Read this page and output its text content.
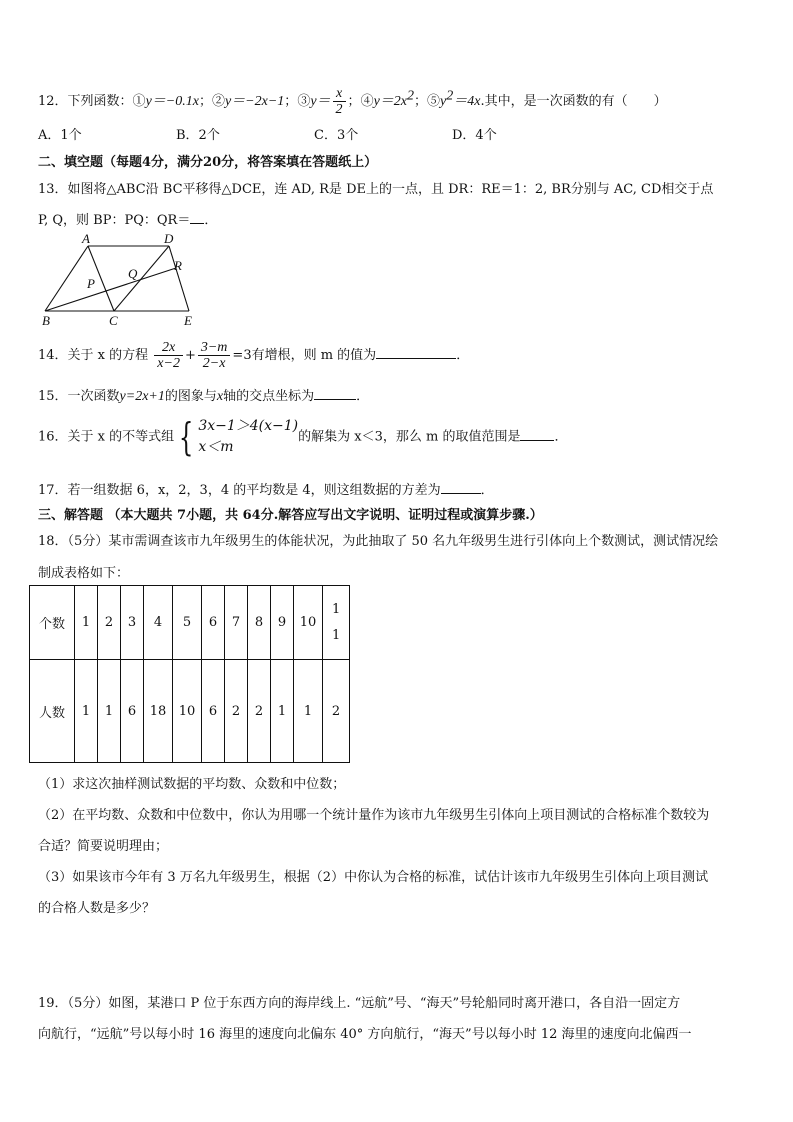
12．下列函数：①y＝−0.1x；②y＝−2x−1；③y＝ $\frac{x}{2}$ ；$④y=2x^2$；$⑤y^2=4x$.其中，是一次函数的有（　　）
A．1个	B．2个	C．3个	D．4个
二、填空题（每题4分，满分20分，将答案填在答题纸上）
13．如图将△ABC沿 BC平移得△DCE，连 AD, R是 DE上的一点，且 DR：RE＝1：2, BR分别与 AC, CD相交于点
P, Q，则 BP：PQ：QR＝ ．
A	D
R
P
Q
B	C	E
14．关于 x 的方程 $\frac{2x}{x-2} + \frac{3-m}{2-x} =3$有增根，则 m 的值为	．
15．一次函数y=2x+1的图象与x轴的交点坐标为	．
16．关于 x 的不等式组 { 3x−1＞4(x−1)
x＜m
的解集为 x＜3，那么 m 的取值范围是	．
17．若一组数据 6，x，2，3，4 的平均数是 4，则这组数据的方差为	．
三、解答题 （本大题共 7小题，共 64分.解答应写出文字说明、证明过程或演算步骤.）
18．（5分）某市需调查该市九年级男生的体能状况，为此抽取了 50 名九年级男生进行引体向上个数测试，测试情况绘
制成表格如下：
个数	1	2	3	4	5	6	7	8	9	10	11

人数	1	1	6	18	10	6	2	2	1	1	2
（1）求这次抽样测试数据的平均数、众数和中位数；
（2）在平均数、众数和中位数中，你认为用哪一个统计量作为该市九年级男生引体向上项目测试的合格标准个数较为
合适？简要说明理由；
（3）如果该市今年有 3 万名九年级男生，根据（2）中你认为合格的标准，试估计该市九年级男生引体向上项目测试
的合格人数是多少？
19．（5分）如图，某港口 P 位于东西方向的海岸线上. “远航”号、“海天”号轮船同时离开港口，各自沿一固定方
向航行，“远航”号以每小时 16 海里的速度向北偏东 40° 方向航行，“海天”号以每小时 12 海里的速度向北偏西一
